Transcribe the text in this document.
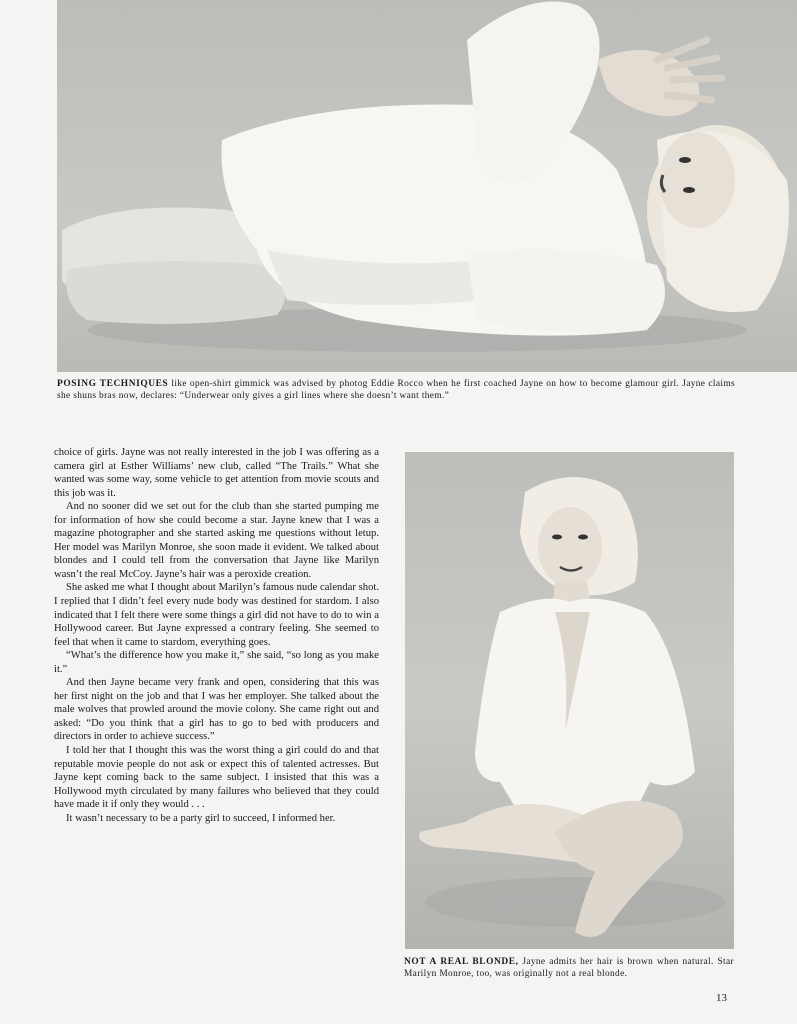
POSING TECHNIQUES like open-shirt gimmick was advised by photog Eddie Rocco when he first coached Jayne on how to become glamour girl. Jayne claims she shuns bras now, declares: “Underwear only gives a girl lines where she doesn’t want them.”

choice of girls. Jayne was not really interested in the job I was offering as a camera girl at Esther Williams’ new club, called “The Trails.” What she wanted was some way, some vehicle to get attention from movie scouts and this job was it.

And no sooner did we set out for the club than she started pumping me for information of how she could become a star. Jayne knew that I was a magazine photographer and she started asking me questions without letup. Her model was Marilyn Monroe, she soon made it evident. We talked about blondes and I could tell from the conversation that Jayne like Marilyn wasn’t the real McCoy. Jayne’s hair was a peroxide creation.

She asked me what I thought about Marilyn’s famous nude calendar shot. I replied that I didn’t feel every nude body was destined for stardom. I also indicated that I felt there were some things a girl did not have to do to win a Hollywood career. But Jayne expressed a contrary feeling. She seemed to feel that when it came to stardom, everything goes.

“What’s the difference how you make it,” she said, “so long as you make it.”

And then Jayne became very frank and open, considering that this was her first night on the job and that I was her employer. She talked about the male wolves that prowled around the movie colony. She came right out and asked: “Do you think that a girl has to go to bed with producers and directors in order to achieve success.”

I told her that I thought this was the worst thing a girl could do and that reputable movie people do not ask or expect this of talented actresses. But Jayne kept coming back to the same subject. I insisted that this was a Hollywood myth circulated by many failures who believed that they could have made it if only they would . . .

It wasn’t necessary to be a party girl to succeed, I informed her.

NOT A REAL BLONDE, Jayne admits her hair is brown when natural. Star Marilyn Monroe, too, was originally not a real blonde.
13
